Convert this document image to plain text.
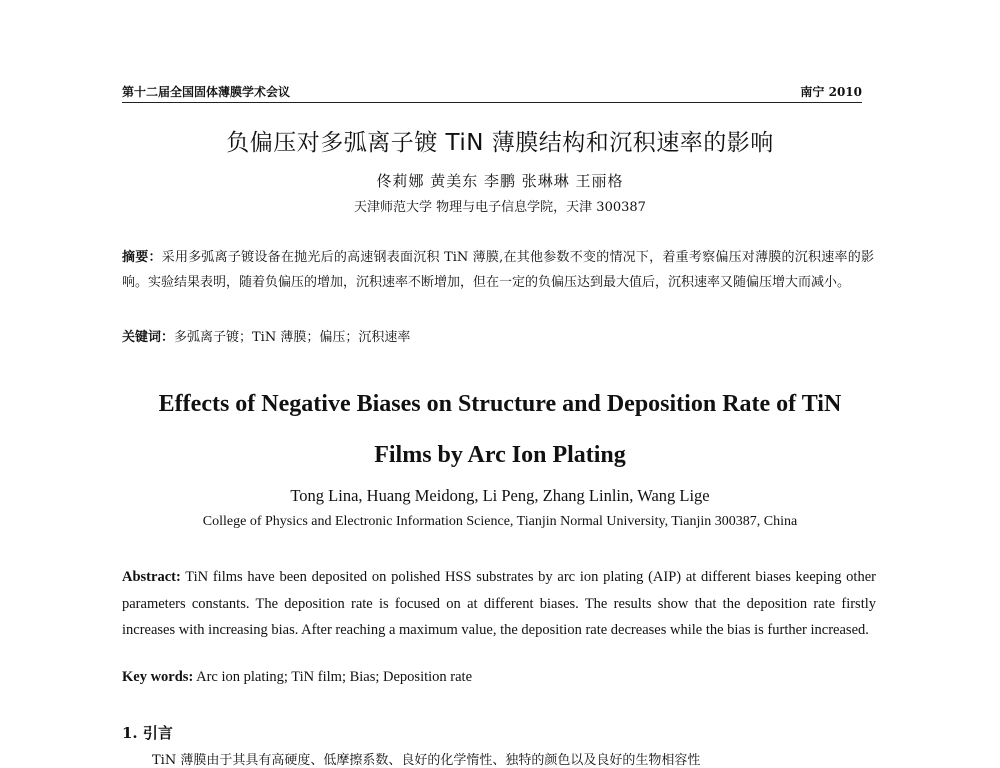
第十二届全国固体薄膜学术会议	南宁 2010
负偏压对多弧离子镀 TiN 薄膜结构和沉积速率的影响
佟莉娜 黄美东 李鹏 张琳琳 王丽格
天津师范大学 物理与电子信息学院，天津 300387
摘要：采用多弧离子镀设备在抛光后的高速钢表面沉积 TiN 薄膜,在其他参数不变的情况下，着重考察偏压对薄膜的沉积速率的影响。实验结果表明，随着负偏压的增加，沉积速率不断增加，但在一定的负偏压达到最大值后，沉积速率又随偏压增大而减小。
关键词：多弧离子镀；TiN 薄膜；偏压；沉积速率
Effects of Negative Biases on Structure and Deposition Rate of TiN
Films by Arc Ion Plating
Tong Lina, Huang Meidong, Li Peng, Zhang Linlin, Wang Lige
College of Physics and Electronic Information Science, Tianjin Normal University, Tianjin 300387, China
Abstract: TiN films have been deposited on polished HSS substrates by arc ion plating (AIP) at different biases keeping other parameters constants. The deposition rate is focused on at different biases. The results show that the deposition rate firstly increases with increasing bias. After reaching a maximum value, the deposition rate decreases while the bias is further increased.
Key words: Arc ion plating; TiN film; Bias; Deposition rate
1. 引言
TiN 薄膜由于其具有高硬度、低摩擦系数、良好的化学惰性、独特的颜色以及良好的生物相容性
